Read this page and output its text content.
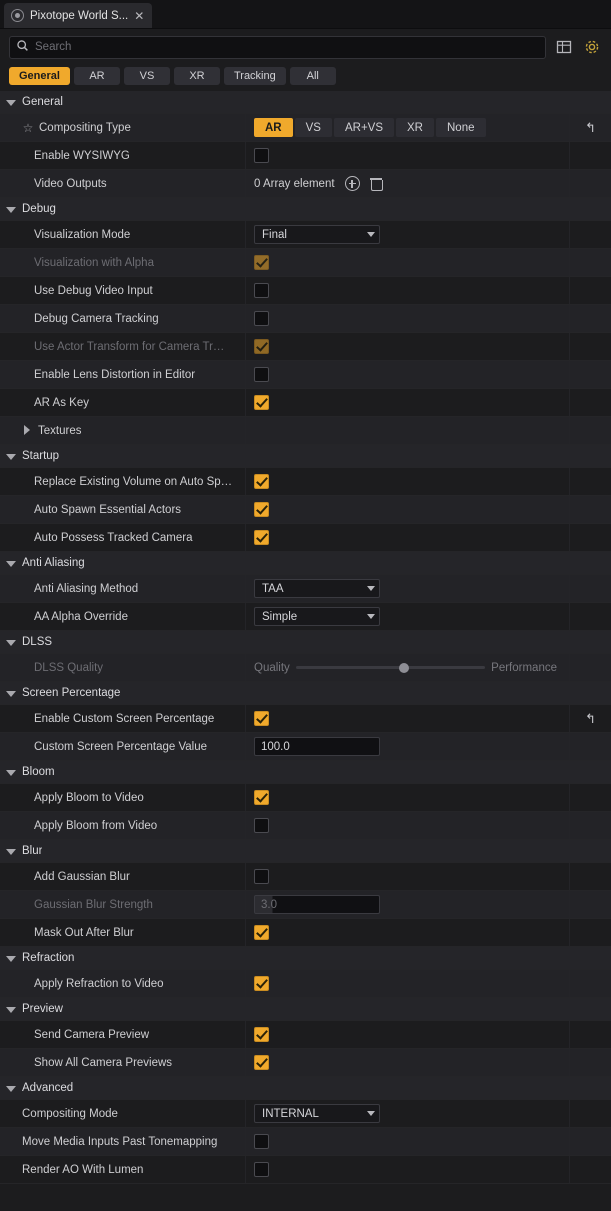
Pixotope World S... ✕
Search
General	AR	VS	XR	Tracking	All
General
☆ Compositing Type	AR	VS	AR+VS	XR	None	↰
Enable WYSIWYG
Video Outputs	0 Array element
Debug
Visualization Mode	Final
Visualization with Alpha
Use Debug Video Input
Debug Camera Tracking
Use Actor Transform for Camera Tr…
Enable Lens Distortion in Editor
AR As Key
Textures
Startup
Replace Existing Volume on Auto Sp…
Auto Spawn Essential Actors
Auto Possess Tracked Camera
Anti Aliasing
Anti Aliasing Method	TAA
AA Alpha Override	Simple
DLSS
DLSS Quality	Quality	Performance
Screen Percentage
Enable Custom Screen Percentage	↰
Custom Screen Percentage Value	100.0
Bloom
Apply Bloom to Video
Apply Bloom from Video
Blur
Add Gaussian Blur
Gaussian Blur Strength	3.0
Mask Out After Blur
Refraction
Apply Refraction to Video
Preview
Send Camera Preview
Show All Camera Previews
Advanced
Compositing Mode	INTERNAL
Move Media Inputs Past Tonemapping
Render AO With Lumen
